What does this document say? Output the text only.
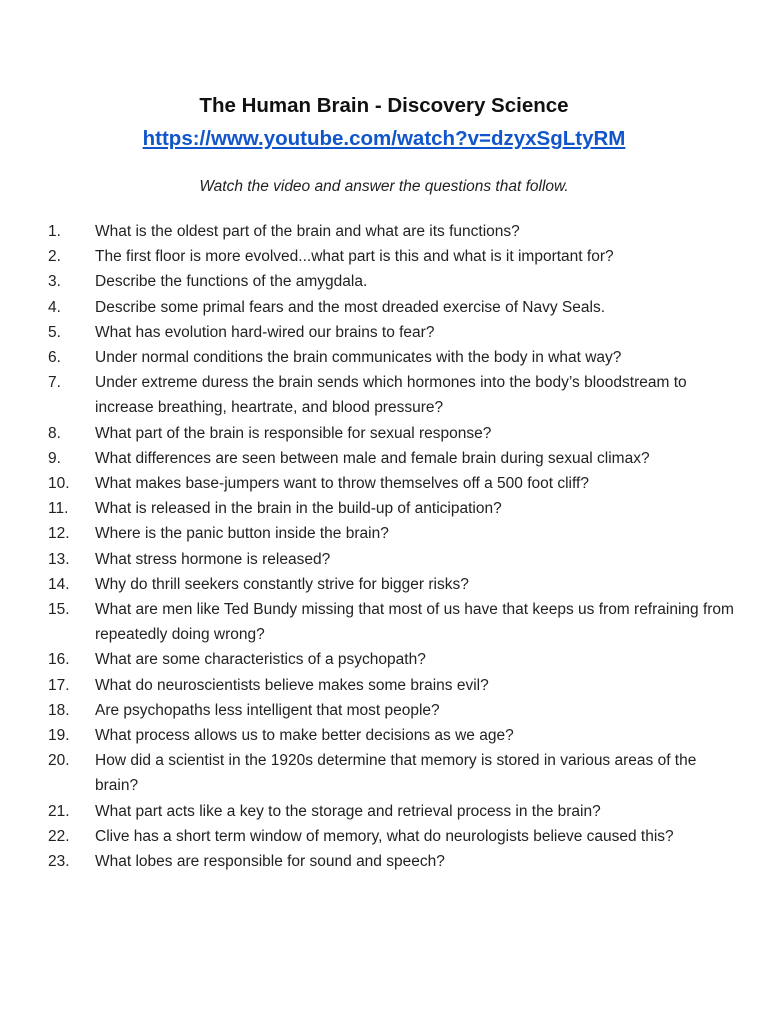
The Human Brain - Discovery Science
https://www.youtube.com/watch?v=dzyxSgLtyRM
Watch the video and answer the questions that follow.
1.	What is the oldest part of the brain and what are its functions?
2.	The first floor is more evolved...what part is this and what is it important for?
3.	Describe the functions of the amygdala.
4.	Describe some primal fears and the most dreaded exercise of Navy Seals.
5.	What has evolution hard-wired our brains to fear?
6.	Under normal conditions the brain communicates with the body in what way?
7.	Under extreme duress the brain sends which hormones into the body’s bloodstream to increase breathing, heartrate, and blood pressure?
8.	What part of the brain is responsible for sexual response?
9.	What differences are seen between male and female brain during sexual climax?
10.	What makes base-jumpers want to throw themselves off a 500 foot cliff?
11.	What is released in the brain in the build-up of anticipation?
12.	Where is the panic button inside the brain?
13.	What stress hormone is released?
14.	Why do thrill seekers constantly strive for bigger risks?
15.	What are men like Ted Bundy missing that most of us have that keeps us from refraining from repeatedly doing wrong?
16.	What are some characteristics of a psychopath?
17.	What do neuroscientists believe makes some brains evil?
18.	Are psychopaths less intelligent that most people?
19.	What process allows us to make better decisions as we age?
20.	How did a scientist in the 1920s determine that memory is stored in various areas of the brain?
21.	What part acts like a key to the storage and retrieval process in the brain?
22.	Clive has a short term window of memory, what do neurologists believe caused this?
23.	What lobes are responsible for sound and speech?
